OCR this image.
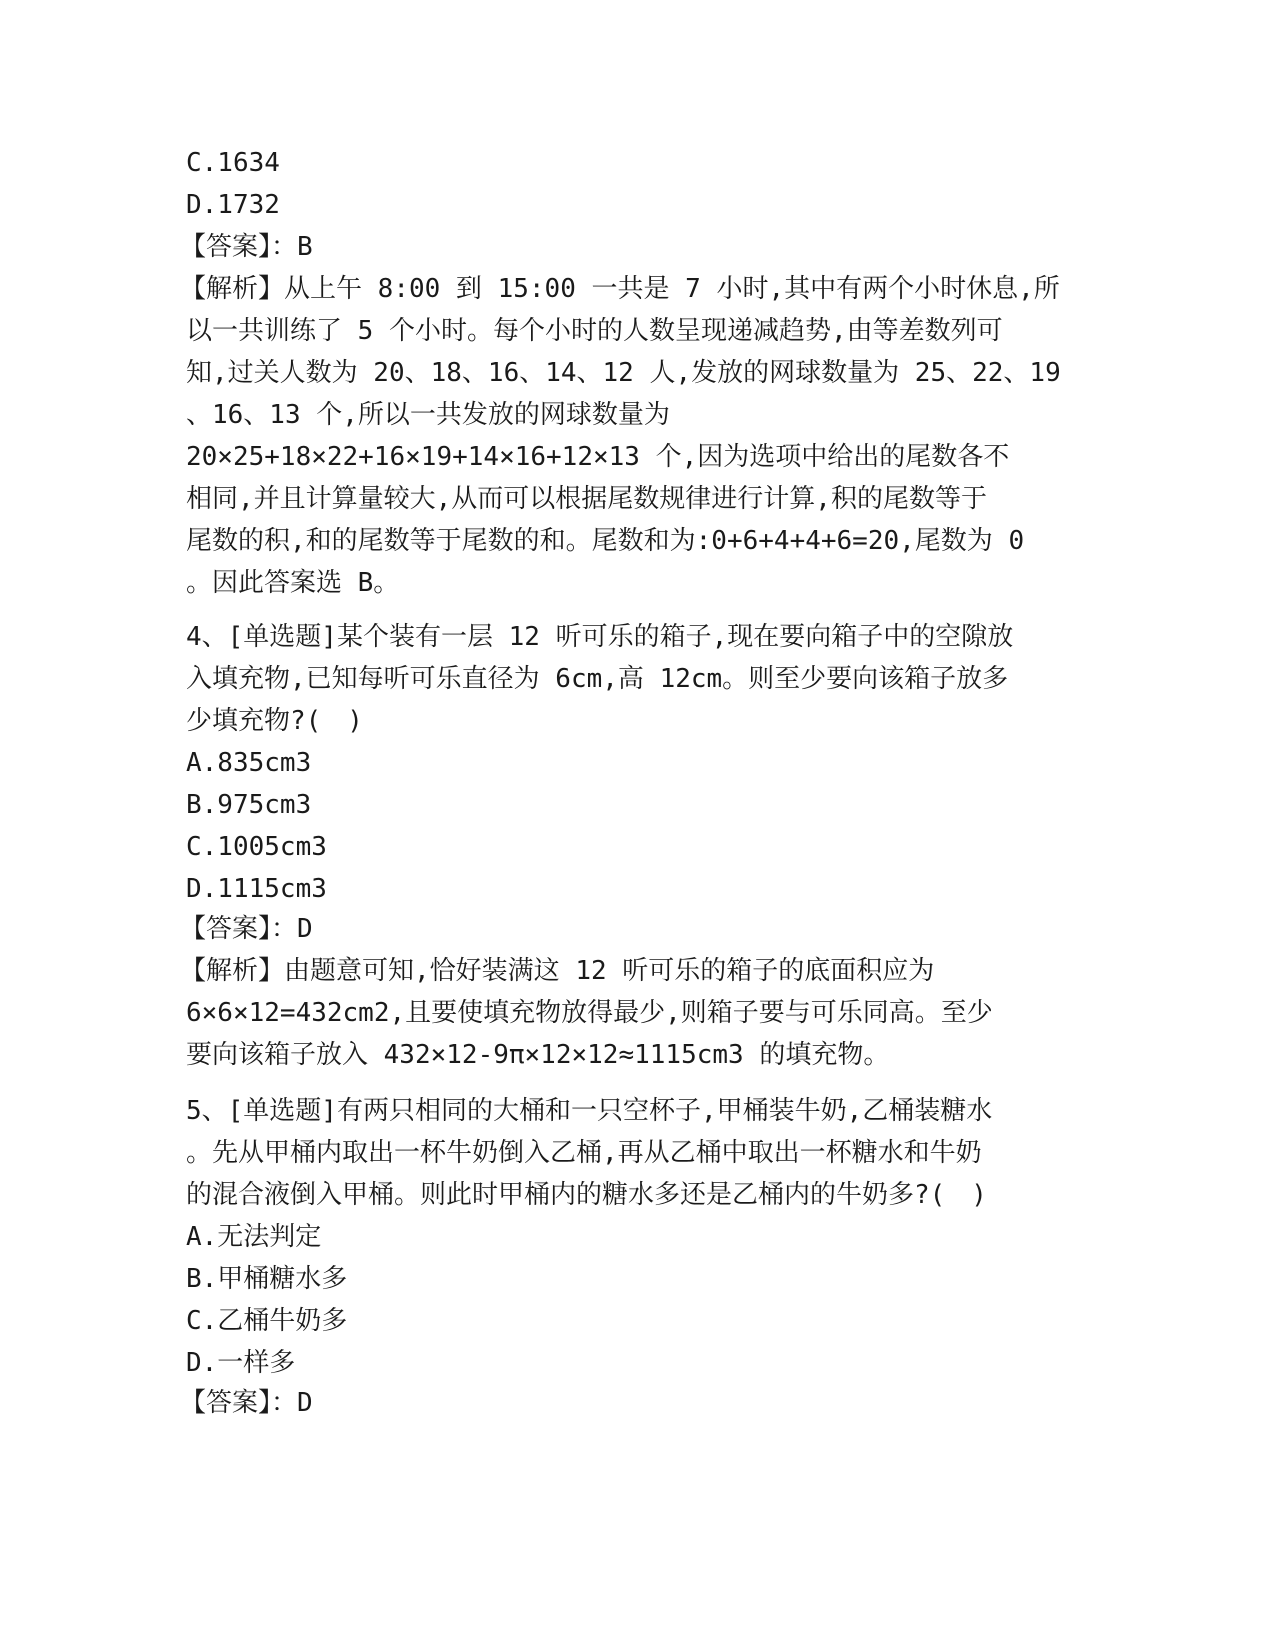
C.1634
D.1732
【答案】：B
【解析】从上午 8:00 到 15:00 一共是 7 小时,其中有两个小时休息,所
以一共训练了 5 个小时。每个小时的人数呈现递减趋势,由等差数列可
知,过关人数为 20、18、16、14、12 人,发放的网球数量为 25、22、19
、16、13 个,所以一共发放的网球数量为
20×25+18×22+16×19+14×16+12×13 个,因为选项中给出的尾数各不
相同,并且计算量较大,从而可以根据尾数规律进行计算,积的尾数等于
尾数的积,和的尾数等于尾数的和。尾数和为:0+6+4+4+6=20,尾数为 0
。因此答案选 B。
4、[单选题]某个装有一层 12 听可乐的箱子,现在要向箱子中的空隙放
入填充物,已知每听可乐直径为 6cm,高 12cm。则至少要向该箱子放多
少填充物?(　)
A.835cm3
B.975cm3
C.1005cm3
D.1115cm3
【答案】：D
【解析】由题意可知,恰好装满这 12 听可乐的箱子的底面积应为
6×6×12=432cm2,且要使填充物放得最少,则箱子要与可乐同高。至少
要向该箱子放入 432×12-9π×12×12≈1115cm3 的填充物。
5、[单选题]有两只相同的大桶和一只空杯子,甲桶装牛奶,乙桶装糖水
。先从甲桶内取出一杯牛奶倒入乙桶,再从乙桶中取出一杯糖水和牛奶
的混合液倒入甲桶。则此时甲桶内的糖水多还是乙桶内的牛奶多?(　)
A.无法判定
B.甲桶糖水多
C.乙桶牛奶多
D.一样多
【答案】：D
